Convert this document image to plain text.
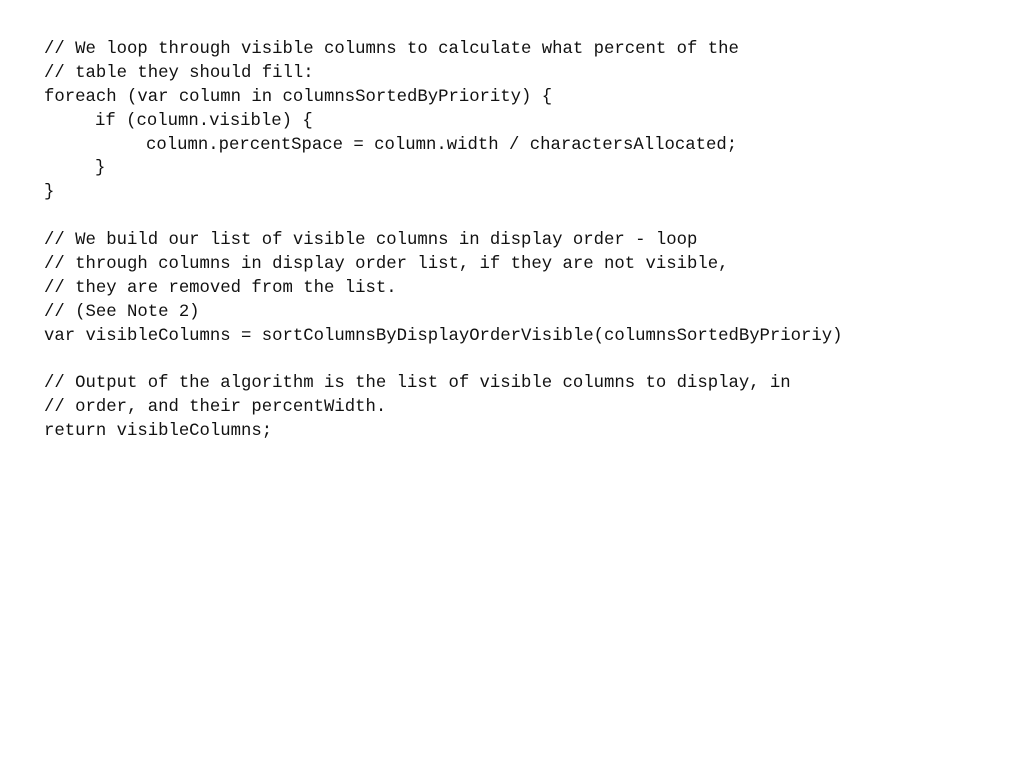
// We loop through visible columns to calculate what percent of the
// table they should fill:
foreach (var column in columnsSortedByPriority) {
if (column.visible) {
column.percentSpace = column.width / charactersAllocated;
}
}
// We build our list of visible columns in display order - loop
// through columns in display order list, if they are not visible,
// they are removed from the list.
// (See Note 2)
var visibleColumns = sortColumnsByDisplayOrderVisible(columnsSortedByPrioriy)
// Output of the algorithm is the list of visible columns to display, in
// order, and their percentWidth.
return visibleColumns;
